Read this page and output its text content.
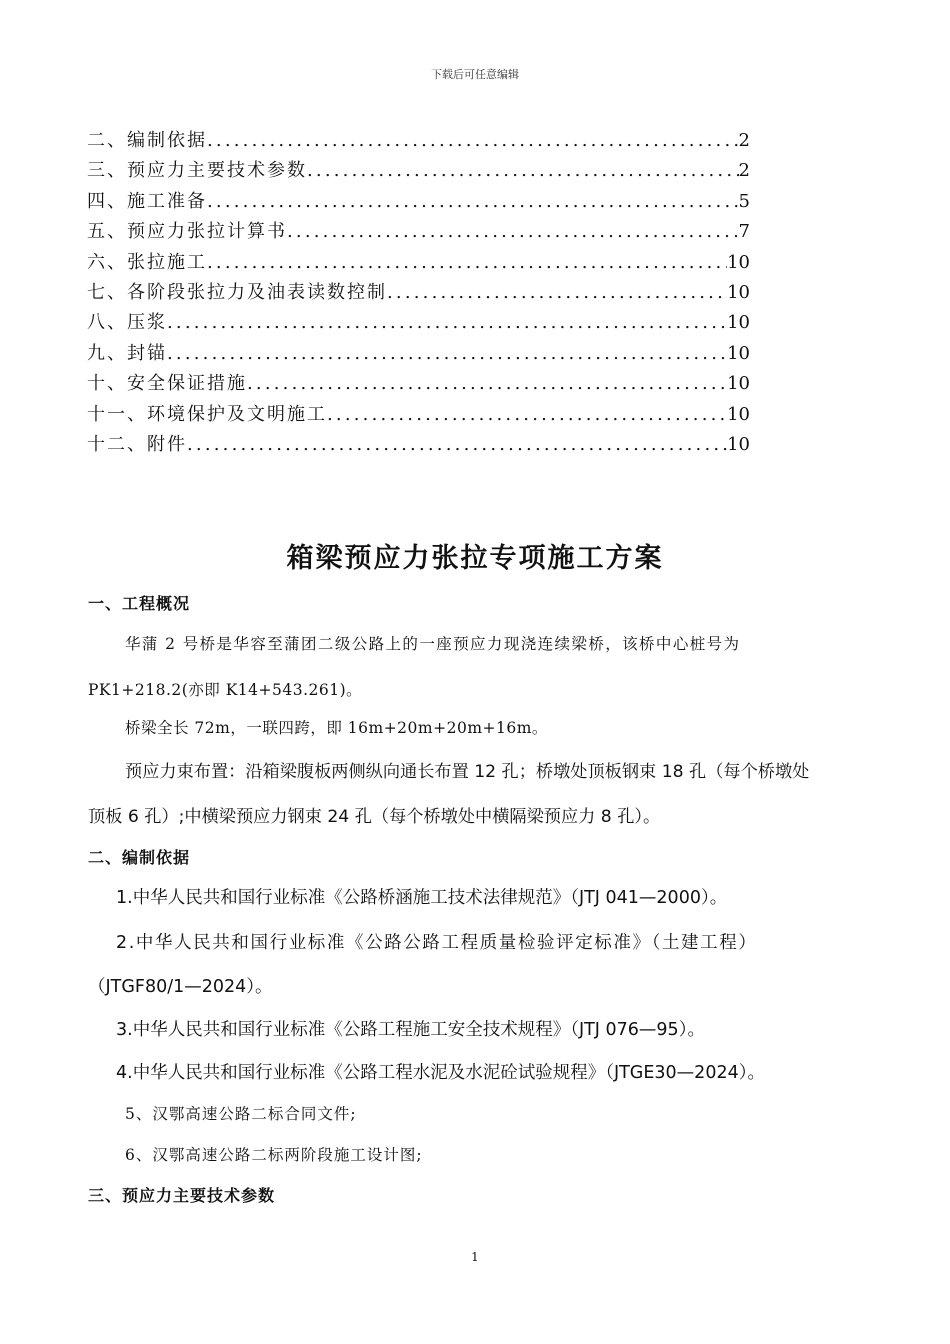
下载后可任意编辑
二、编制依据 .....	2
三、预应力主要技术参数 .....	2
四、施工准备 .....	5
五、预应力张拉计算书 .....	7
六、张拉施工 .....	10
七、各阶段张拉力及油表读数控制 .....	10
八、压浆 .....	10
九、封锚 .....	10
十、安全保证措施 .....	10
十一、环境保护及文明施工 .....	10
十二、附件 .....	10
箱梁预应力张拉专项施工方案
一、工程概况
华蒲 2 号桥是华容至蒲团二级公路上的一座预应力现浇连续梁桥，该桥中心桩号为
PK1+218.2(亦即 K14+543.261)。
桥梁全长 72m，一联四跨，即 16m+20m+20m+16m。
预应力束布置：沿箱梁腹板两侧纵向通长布置 12 孔；桥墩处顶板钢束 18 孔（每个桥墩处
顶板 6 孔）;中横梁预应力钢束 24 孔（每个桥墩处中横隔梁预应力 8 孔）。
二、编制依据
1.中华人民共和国行业标准《公路桥涵施工技术法律规范》（JTJ 041—2000）。
2.中华人民共和国行业标准《公路公路工程质量检验评定标准》（土建工程）
（JTGF80/1—2024）。
3.中华人民共和国行业标准《公路工程施工安全技术规程》（JTJ 076—95）。
4.中华人民共和国行业标准《公路工程水泥及水泥砼试验规程》（JTGE30—2024）。
5、汉鄂高速公路二标合同文件;
6、汉鄂高速公路二标两阶段施工设计图;
三、预应力主要技术参数
1
